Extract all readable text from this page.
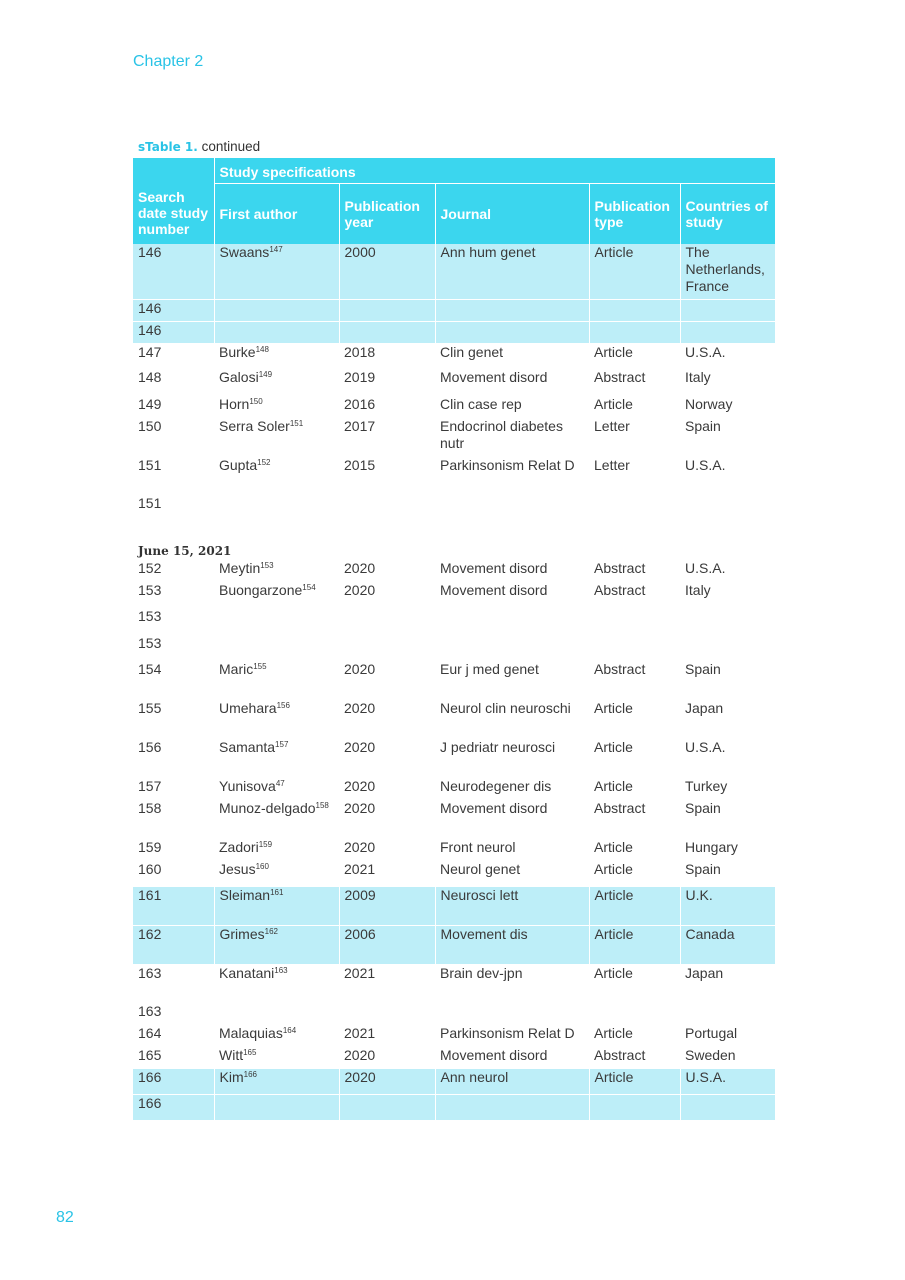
Chapter 2
sTable 1. continued
	Study specifications				
Search date study number	First author	Publication year	Journal	Publication type	Countries of study
146	Swaans$^{147}$	2000	Ann hum genet	Article	The Netherlands, France
146					
146					
147	Burke$^{148}$	2018	Clin genet	Article	U.S.A.
148	Galosi$^{149}$	2019	Movement disord	Abstract	Italy
149	Horn$^{150}$	2016	Clin case rep	Article	Norway
150	Serra Soler$^{151}$	2017	Endocrinol diabetes nutr	Letter	Spain
151	Gupta$^{152}$	2015	Parkinsonism Relat D	Letter	U.S.A.
151					
June 15, 2021					
152	Meytin$^{153}$	2020	Movement disord	Abstract	U.S.A.
153	Buongarzone$^{154}$	2020	Movement disord	Abstract	Italy
153					
153					
154	Maric$^{155}$	2020	Eur j med genet	Abstract	Spain
155	Umehara$^{156}$	2020	Neurol clin neuroschi	Article	Japan
156	Samanta$^{157}$	2020	J pedriatr neurosci	Article	U.S.A.
157	Yunisova$^{47}$	2020	Neurodegener dis	Article	Turkey
158	Munoz-delgado$^{158}$	2020	Movement disord	Abstract	Spain
159	Zadori$^{159}$	2020	Front neurol	Article	Hungary
160	Jesus$^{160}$	2021	Neurol genet	Article	Spain
161	Sleiman$^{161}$	2009	Neurosci lett	Article	U.K.
162	Grimes$^{162}$	2006	Movement dis	Article	Canada
163	Kanatani$^{163}$	2021	Brain dev-jpn	Article	Japan
163					
164	Malaquias$^{164}$	2021	Parkinsonism Relat D	Article	Portugal
165	Witt$^{165}$	2020	Movement disord	Abstract	Sweden
166	Kim$^{166}$	2020	Ann neurol	Article	U.S.A.
166					
82
